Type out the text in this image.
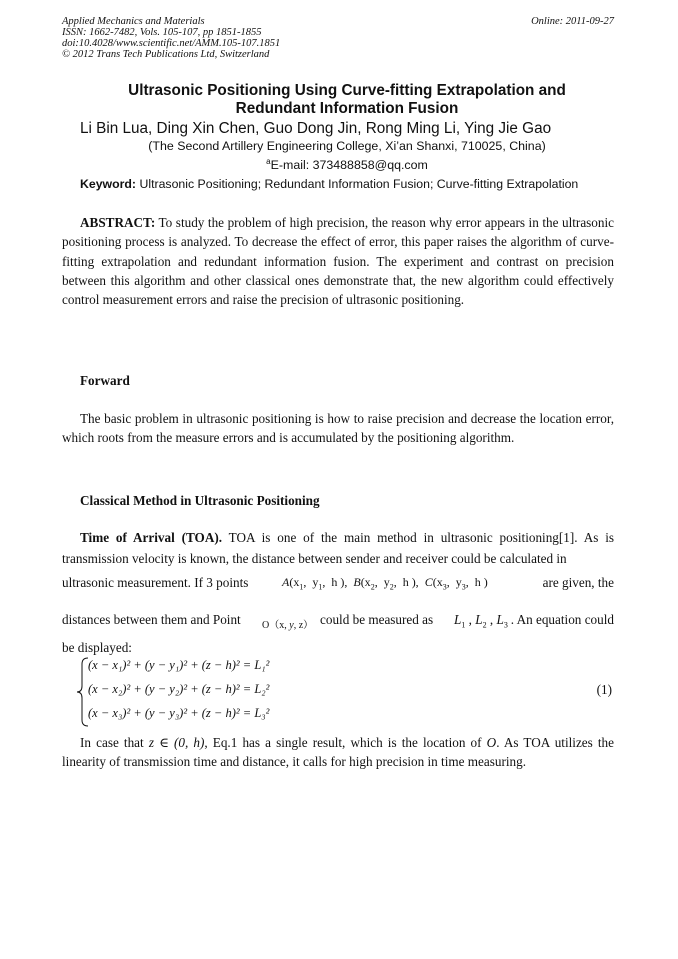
Applied Mechanics and Materials
ISSN: 1662-7482, Vols. 105-107, pp 1851-1855
doi:10.4028/www.scientific.net/AMM.105-107.1851
© 2012 Trans Tech Publications Ltd, Switzerland
Online: 2011-09-27
Ultrasonic Positioning Using Curve-fitting Extrapolation and
Redundant Information Fusion
Li Bin Lua, Ding Xin Chen, Guo Dong Jin, Rong Ming Li, Ying Jie Gao
(The Second Artillery Engineering College, Xi’an Shanxi, 710025, China)
$^a$E-mail: 373488858@qq.com
Keyword: Ultrasonic Positioning; Redundant Information Fusion; Curve-fitting Extrapolation

ABSTRACT: To study the problem of high precision, the reason why error appears in the ultrasonic positioning process is analyzed. To decrease the effect of error, this paper raises the algorithm of curve-fitting extrapolation and redundant information fusion. The experiment and contrast on precision between this algorithm and other classical ones demonstrate that, the new algorithm could effectively control measurement errors and raise the precision of ultrasonic positioning.

Forward

The basic problem in ultrasonic positioning is how to raise precision and decrease the location error, which roots from the measure errors and is accumulated by the positioning algorithm.

Classical Method in Ultrasonic Positioning

Time of Arrival (TOA). TOA is one of the main method in ultrasonic positioning[1]. As is transmission velocity is known, the distance between sender and receiver could be calculated in

ultrasonic measurement. If 3 points	$A(x_1$,  $y_1$,  h ),  $B(x_2$,  $y_2$,  h ),  $C(x_3$,  $y_3$,  h )	are given, the
distances between them and Point O（x, y, z） could be measured as $L_1$ , $L_2$ , $L_3$ . An equation could
be displayed:
(x − x₁)² + (y − y₁)² + (z − h)² = L₁²
(x − x₂)² + (y − y₂)² + (z − h)² = L₂²
(x − x₃)² + (y − y₃)² + (z − h)² = L₃²
(1)

In case that z ∈ (0, h), Eq.1 has a single result, which is the location of O. As TOA utilizes the linearity of transmission time and distance, it calls for high precision in time measuring.
